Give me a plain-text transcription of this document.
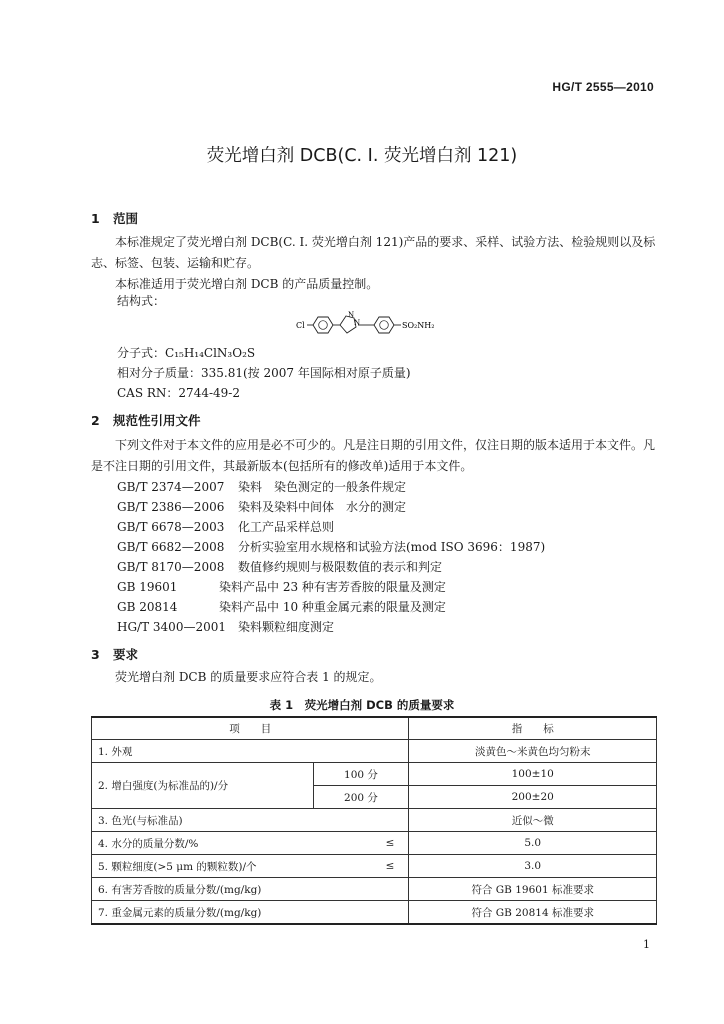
HG/T 2555—2010
荧光增白剂 DCB(C. I. 荧光增白剂 121)
1 范围
本标准规定了荧光增白剂 DCB(C. I. 荧光增白剂 121)产品的要求、采样、试验方法、检验规则以及标志、标签、包装、运输和贮存。
本标准适用于荧光增白剂 DCB 的产品质量控制。
结构式：
Cl
N
N	SO₂NH₂
分子式：C₁₅H₁₄ClN₃O₂S
相对分子质量：335.81(按 2007 年国际相对原子质量)
CAS RN：2744-49-2
2 规范性引用文件
下列文件对于本文件的应用是必不可少的。凡是注日期的引用文件，仅注日期的版本适用于本文件。凡是不注日期的引用文件，其最新版本(包括所有的修改单)适用于本文件。
GB/T 2374—2007 染料　染色测定的一般条件规定
GB/T 2386—2006 染料及染料中间体　水分的测定
GB/T 6678—2003 化工产品采样总则
GB/T 6682—2008 分析实验室用水规格和试验方法(mod ISO 3696：1987)
GB/T 8170—2008 数值修约规则与极限数值的表示和判定
GB 19601	染料产品中 23 种有害芳香胺的限量及测定
GB 20814	染料产品中 10 种重金属元素的限量及测定
HG/T 3400—2001 染料颗粒细度测定
3 要求
荧光增白剂 DCB 的质量要求应符合表 1 的规定。
表 1　荧光增白剂 DCB 的质量要求
项　　目		指　　标
1. 外观		淡黄色～米黄色均匀粉末
2. 增白强度(为标准品的)/分	100 分	100±10
	200 分	200±20
3. 色光(与标准品)		近似～微
4. 水分的质量分数/%	≤	5.0
5. 颗粒细度(>5 μm 的颗粒数)/个	≤	3.0
6. 有害芳香胺的质量分数/(mg/kg)		符合 GB 19601 标准要求
7. 重金属元素的质量分数/(mg/kg)		符合 GB 20814 标准要求
1
